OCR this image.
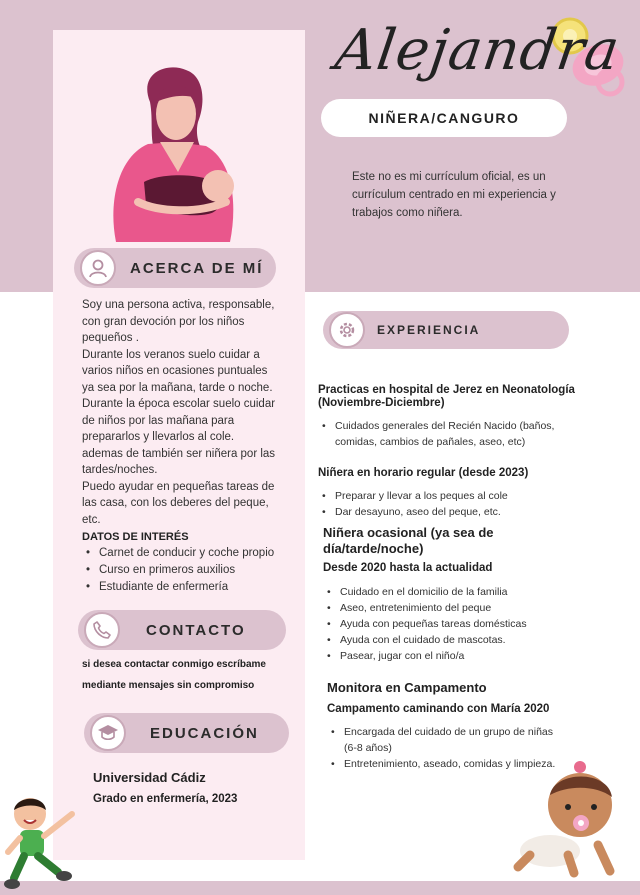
Alejandra
NIÑERA/CANGURO
Este no es mi currículum oficial, es un currículum centrado en mi experiencia y trabajos como niñera.
ACERCA DE MÍ

Soy una persona activa, responsable, con gran devoción por los niños pequeños .

Durante los veranos suelo cuidar a varios niños en ocasiones puntuales ya sea por la mañana, tarde o noche.

Durante la época escolar suelo cuidar de niños por las mañana para prepararlos y llevarlos al cole.

ademas de también ser niñera por las tardes/noches.

Puedo ayudar en pequeñas tareas de las casa, con los deberes del peque, etc.

DATOS DE INTERÉS
• Carnet de conducir y coche propio
• Curso en primeros auxilios
• Estudiante de enfermería
CONTACTO
si desea contactar conmigo escríbame
mediante mensajes sin compromiso
EDUCACIÓN
Universidad Cádiz
Grado en enfermería, 2023
EXPERIENCIA
Practicas en hospital de Jerez en Neonatología (Noviembre-Diciembre)
• Cuidados generales del Recién Nacido (baños, comidas, cambios de pañales, aseo, etc)
Niñera en horario regular (desde 2023)
• Preparar y llevar a los peques al cole
• Dar desayuno, aseo del peque, etc.
Niñera ocasional (ya sea de día/tarde/noche)
Desde 2020 hasta la actualidad
• Cuidado en el domicilio de la familia
• Aseo, entretenimiento del peque
• Ayuda con pequeñas tareas domésticas
• Ayuda con el cuidado de mascotas.
• Pasear, jugar con el niño/a
Monitora en Campamento
Campamento caminando con María 2020
• Encargada del cuidado de un grupo de niñas (6-8 años)
• Entretenimiento, aseado, comidas y limpieza.
